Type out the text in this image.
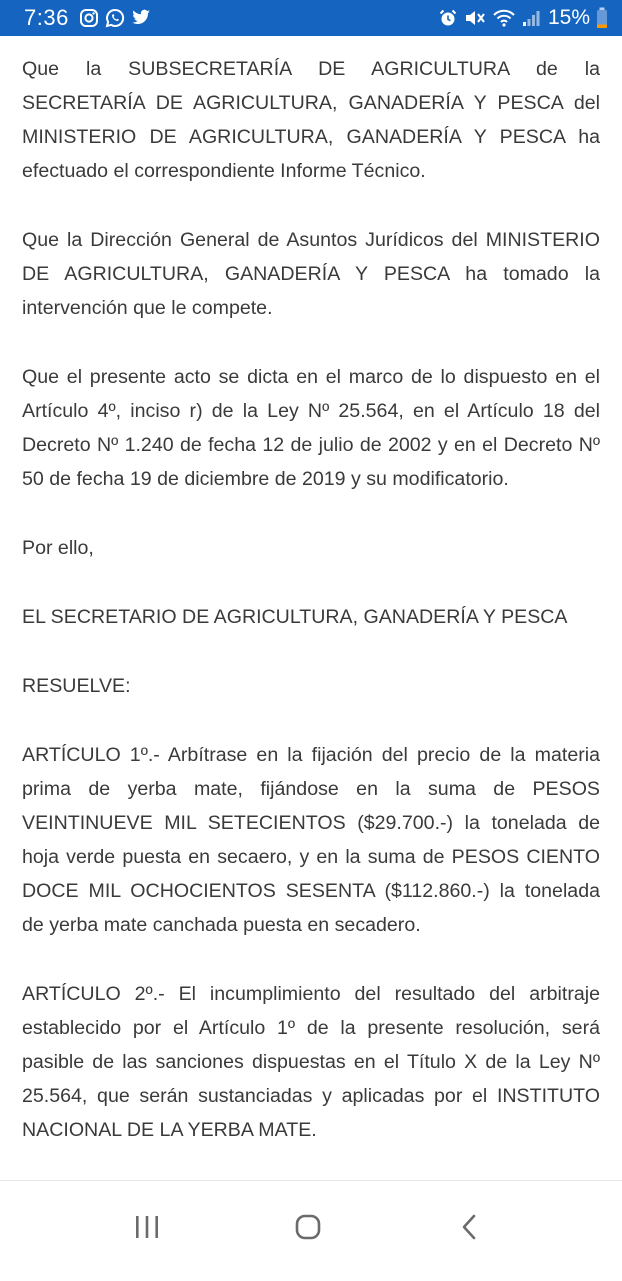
7:36	15%

Que la SUBSECRETARÍA DE AGRICULTURA de la SECRETARÍA DE AGRICULTURA, GANADERÍA Y PESCA del MINISTERIO DE AGRICULTURA, GANADERÍA Y PESCA ha efectuado el correspondiente Informe Técnico.

Que la Dirección General de Asuntos Jurídicos del MINISTERIO DE AGRICULTURA, GANADERÍA Y PESCA ha tomado la intervención que le compete.

Que el presente acto se dicta en el marco de lo dispuesto en el Artículo 4º, inciso r) de la Ley Nº 25.564, en el Artículo 18 del Decreto Nº 1.240 de fecha 12 de julio de 2002 y en el Decreto Nº 50 de fecha 19 de diciembre de 2019 y su modificatorio.

Por ello,

EL SECRETARIO DE AGRICULTURA, GANADERÍA Y PESCA

RESUELVE:

ARTÍCULO 1º.- Arbítrase en la fijación del precio de la materia prima de yerba mate, fijándose en la suma de PESOS VEINTINUEVE MIL SETECIENTOS ($29.700.-) la tonelada de hoja verde puesta en secaero, y en la suma de PESOS CIENTO DOCE MIL OCHOCIENTOS SESENTA ($112.860.-) la tonelada de yerba mate canchada puesta en secadero.

ARTÍCULO 2º.- El incumplimiento del resultado del arbitraje establecido por el Artículo 1º de la presente resolución, será pasible de las sanciones dispuestas en el Título X de la Ley Nº 25.564, que serán sustanciadas y aplicadas por el INSTITUTO NACIONAL DE LA YERBA MATE.
